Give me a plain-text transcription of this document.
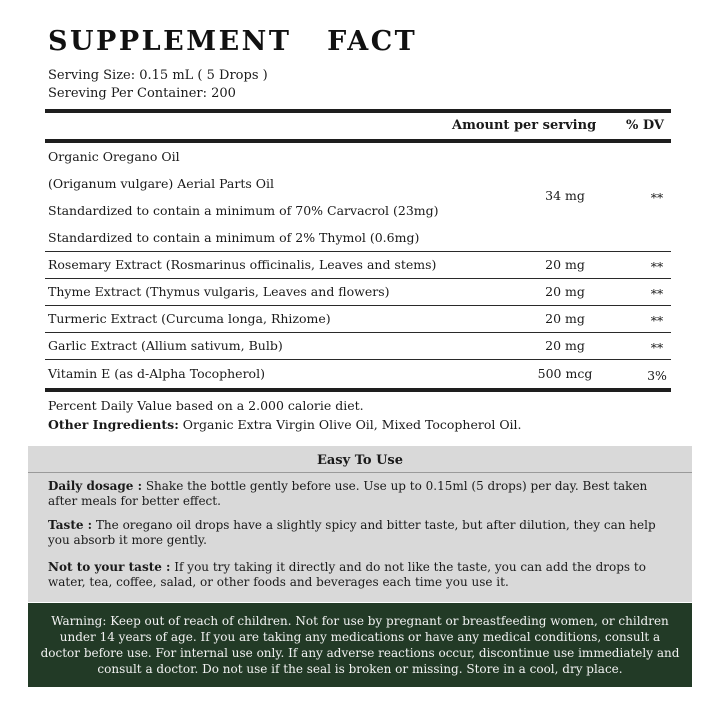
SUPPLEMENT   FACT
Serving Size: 0.15 mL ( 5 Drops )
Sereving Per Container: 200
Amount per serving % DV
Organic Oregano Oil
(Origanum vulgare) Aerial Parts Oil
Standardized to contain a minimum of 70% Carvacrol (23mg)
Standardized to contain a minimum of 2% Thymol (0.6mg)
34 mg	**
Rosemary Extract (Rosmarinus officinalis, Leaves and stems)	20 mg	**
Thyme Extract (Thymus vulgaris, Leaves and flowers)	20 mg	**
Turmeric Extract (Curcuma longa, Rhizome)	20 mg	**
Garlic Extract (Allium sativum, Bulb)	20 mg	**
Vitamin E (as d-Alpha Tocopherol)	500 mcg	3%
Percent Daily Value based on a 2.000 calorie diet.
Other Ingredients: Organic Extra Virgin Olive Oil, Mixed Tocopherol Oil.
Easy To Use
Daily dosage : Shake the bottle gently before use. Use up to 0.15ml (5 drops) per day. Best taken after meals for better effect.
Taste : The oregano oil drops have a slightly spicy and bitter taste, but after dilution, they can help you absorb it more gently.
Not to your taste : If you try taking it directly and do not like the taste, you can add the drops to water, tea, coffee, salad, or other foods and beverages each time you use it.
Warning: Keep out of reach of children. Not for use by pregnant or breastfeeding women, or children under 14 years of age. If you are taking any medications or have any medical conditions, consult a doctor before use. For internal use only. If any adverse reactions occur, discontinue use immediately and consult a doctor. Do not use if the seal is broken or missing. Store in a cool, dry place.
